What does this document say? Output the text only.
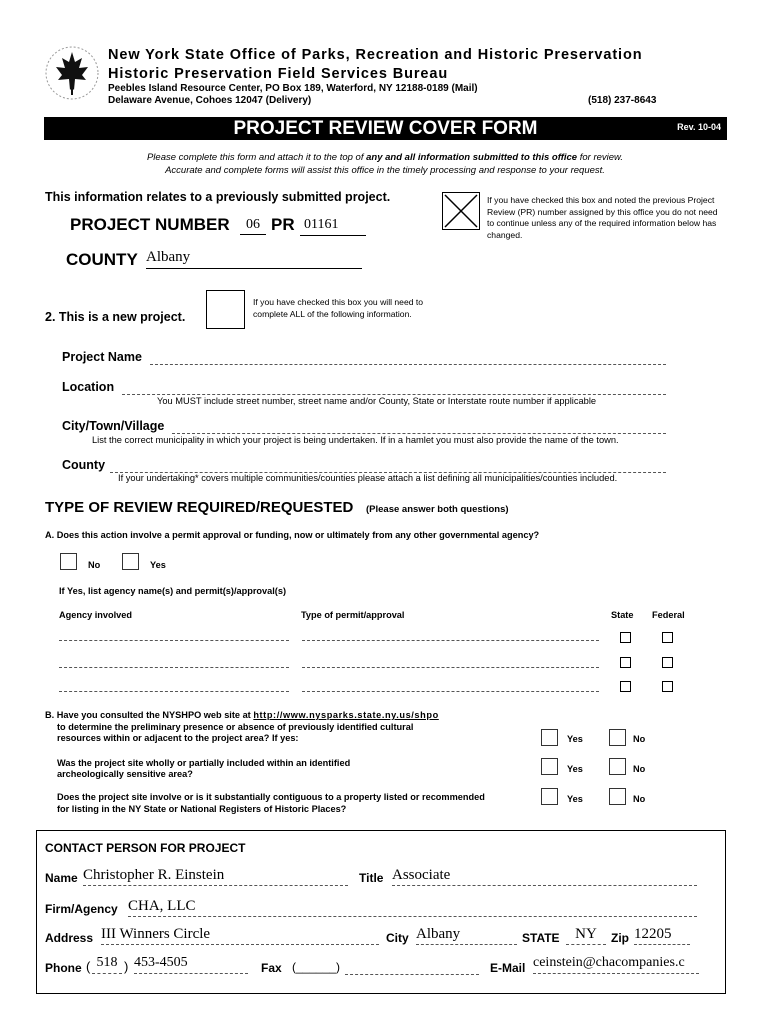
New York State Office of Parks, Recreation and Historic Preservation
Historic Preservation Field Services Bureau
Peebles Island Resource Center, PO Box 189, Waterford, NY 12188-0189 (Mail)
Delaware Avenue, Cohoes 12047 (Delivery)	(518) 237-8643
PROJECT REVIEW COVER FORM	Rev. 10-04
Please complete this form and attach it to the top of any and all information submitted to this office for review.
Accurate and complete forms will assist this office in the timely processing and response to your request.
This information relates to a previously submitted project.	If you have checked this box and noted the previous Project Review (PR) number assigned by this office you do not need to continue unless any of the required information below has changed.
PROJECT NUMBER	06 PR 01161
COUNTY Albany
If you have checked this box you will need to complete ALL of the following information.
2. This is a new project.
Project Name
Location
You MUST include street number, street name and/or County, State or Interstate route number if applicable
City/Town/Village
List the correct municipality in which your project is being undertaken. If in a hamlet you must also provide the name of the town.
County
If your undertaking* covers multiple communities/counties please attach a list defining all municipalities/counties included.
TYPE OF REVIEW REQUIRED/REQUESTED (Please answer both questions)
A. Does this action involve a permit approval or funding, now or ultimately from any other governmental agency?
No	Yes
If Yes, list agency name(s) and permit(s)/approval(s)
Agency involved	Type of permit/approval	State Federal
B. Have you consulted the NYSHPO web site at http://www.nysparks.state.ny.us/shpo
to determine the preliminary presence or absence of previously identified cultural
resources within or adjacent to the project area? If yes:	Yes	No
Was the project site wholly or partially included within an identified
archeologically sensitive area?	Yes	No
Does the project site involve or is it substantially contiguous to a property listed or recommended
for listing in the NY State or National Registers of Historic Places?
Yes	No
CONTACT PERSON FOR PROJECT
Name Christopher R. Einstein	Title Associate
Firm/Agency CHA, LLC
Address III Winners Circle	City Albany	STATE	NY	Zip 12205
Phone ( 518 ) 453-4505	Fax (______)	E-Mail ceinstein@chacompanies.c
